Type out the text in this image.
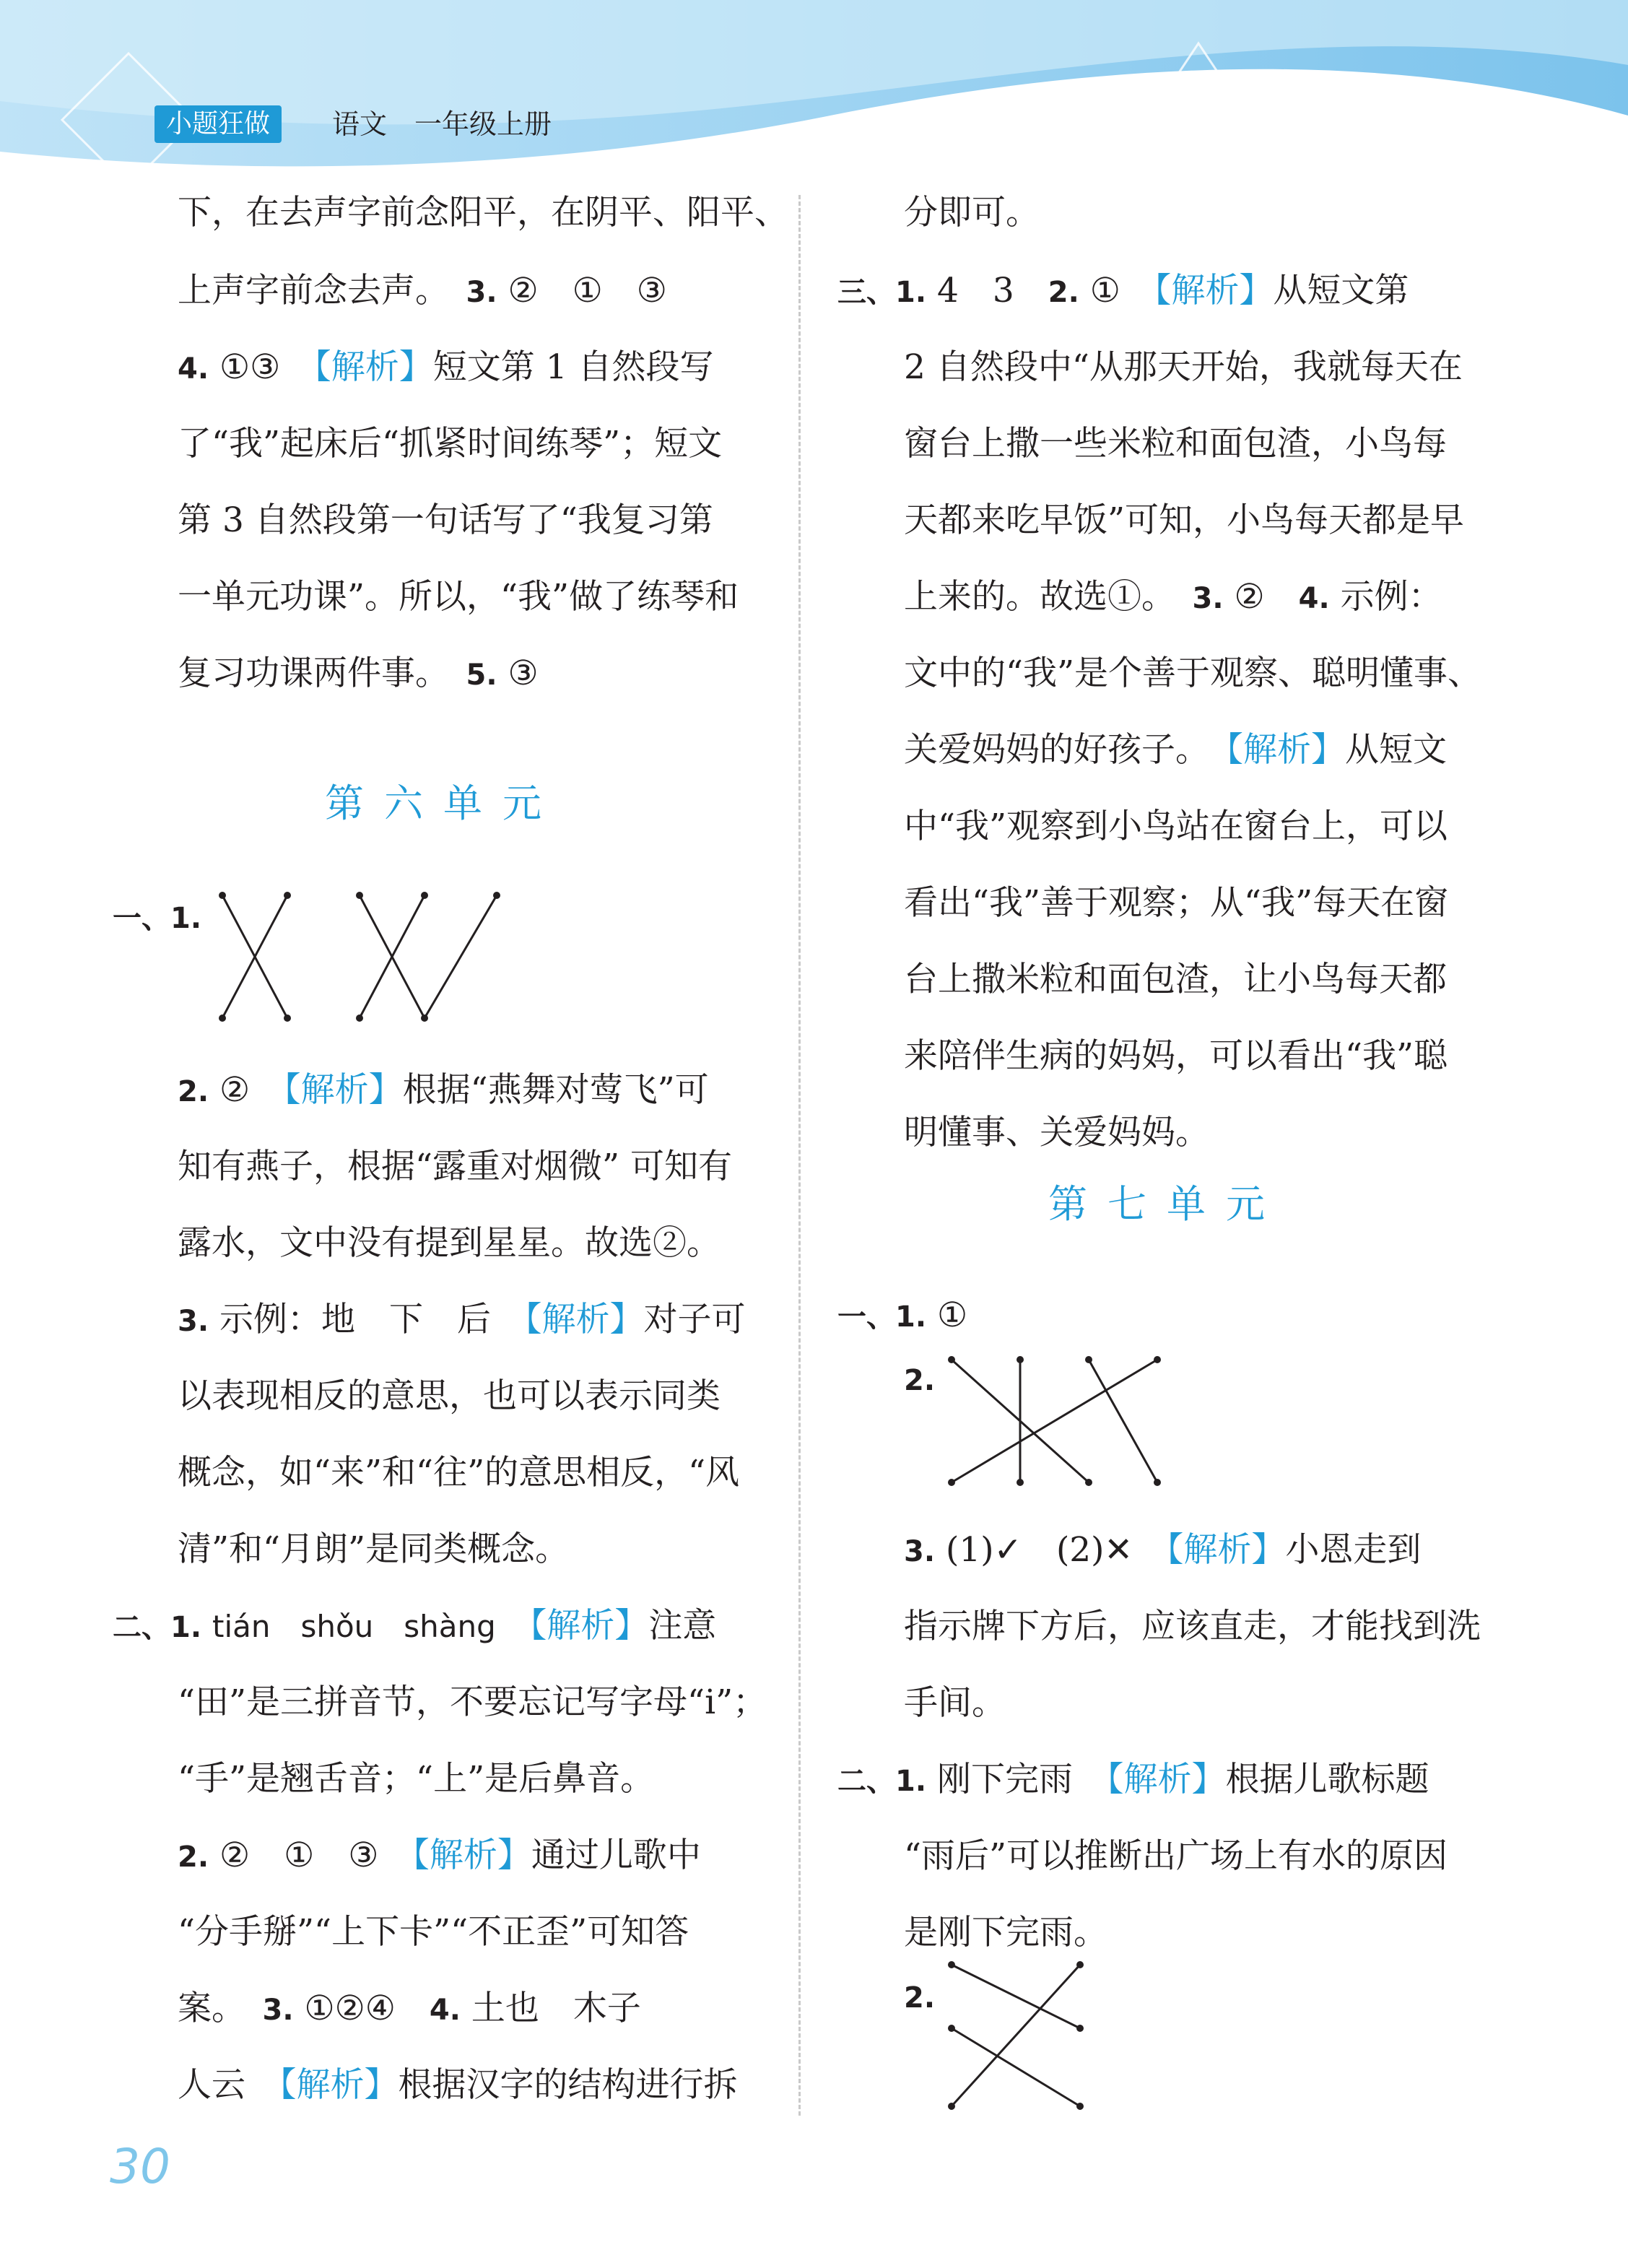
小题狂做	语文　一年级上册

下，在去声字前念阳平，在阴平、阳平、

上声字前念去声。　 3. ②　①　③

4. ①③　 【解析】短文第 1 自然段写

了“我”起床后“抓紧时间练琴”；短文

第 3 自然段第一句话写了“我复习第

一单元功课”。所以，“我”做了练琴和

复习功课两件事。　 5. ③

第六单元

一、1.

2. ②　 【解析】根据“燕舞对莺飞”可

知有燕子，根据“露重对烟微” 可知有

露水，文中没有提到星星。故选②。

3. 示例：地　下　后　 【解析】对子可

以表现相反的意思，也可以表示同类

概念，如“来”和“往”的意思相反，“风

清”和“月朗”是同类概念。

二、1. tián　shǒu　shàng　 【解析】注意

“田”是三拼音节，不要忘记写字母“i”；

“手”是翘舌音；“上”是后鼻音。

2. ②　①　③　 【解析】通过儿歌中

“分手掰”“上下卡”“不正歪”可知答

案。　 3. ①②④　 4. 土也　木子

人云　 【解析】根据汉字的结构进行拆

分即可。

三、1. 4　3　 2. ①　 【解析】从短文第

2 自然段中“从那天开始，我就每天在

窗台上撒一些米粒和面包渣，小鸟每

天都来吃早饭”可知，小鸟每天都是早

上来的。故选①。　 3. ②　 4. 示例：

文中的“我”是个善于观察、聪明懂事、

关爱妈妈的好孩子。　 【解析】从短文

中“我”观察到小鸟站在窗台上，可以

看出“我”善于观察；从“我”每天在窗

台上撒米粒和面包渣，让小鸟每天都

来陪伴生病的妈妈，可以看出“我”聪

明懂事、关爱妈妈。

第七单元

一、1. ①

2.

3. (1)✓　(2)✕　 【解析】小恩走到

指示牌下方后，应该直走，才能找到洗

手间。

二、1. 刚下完雨　 【解析】根据儿歌标题

“雨后”可以推断出广场上有水的原因

是刚下完雨。

2.

30
